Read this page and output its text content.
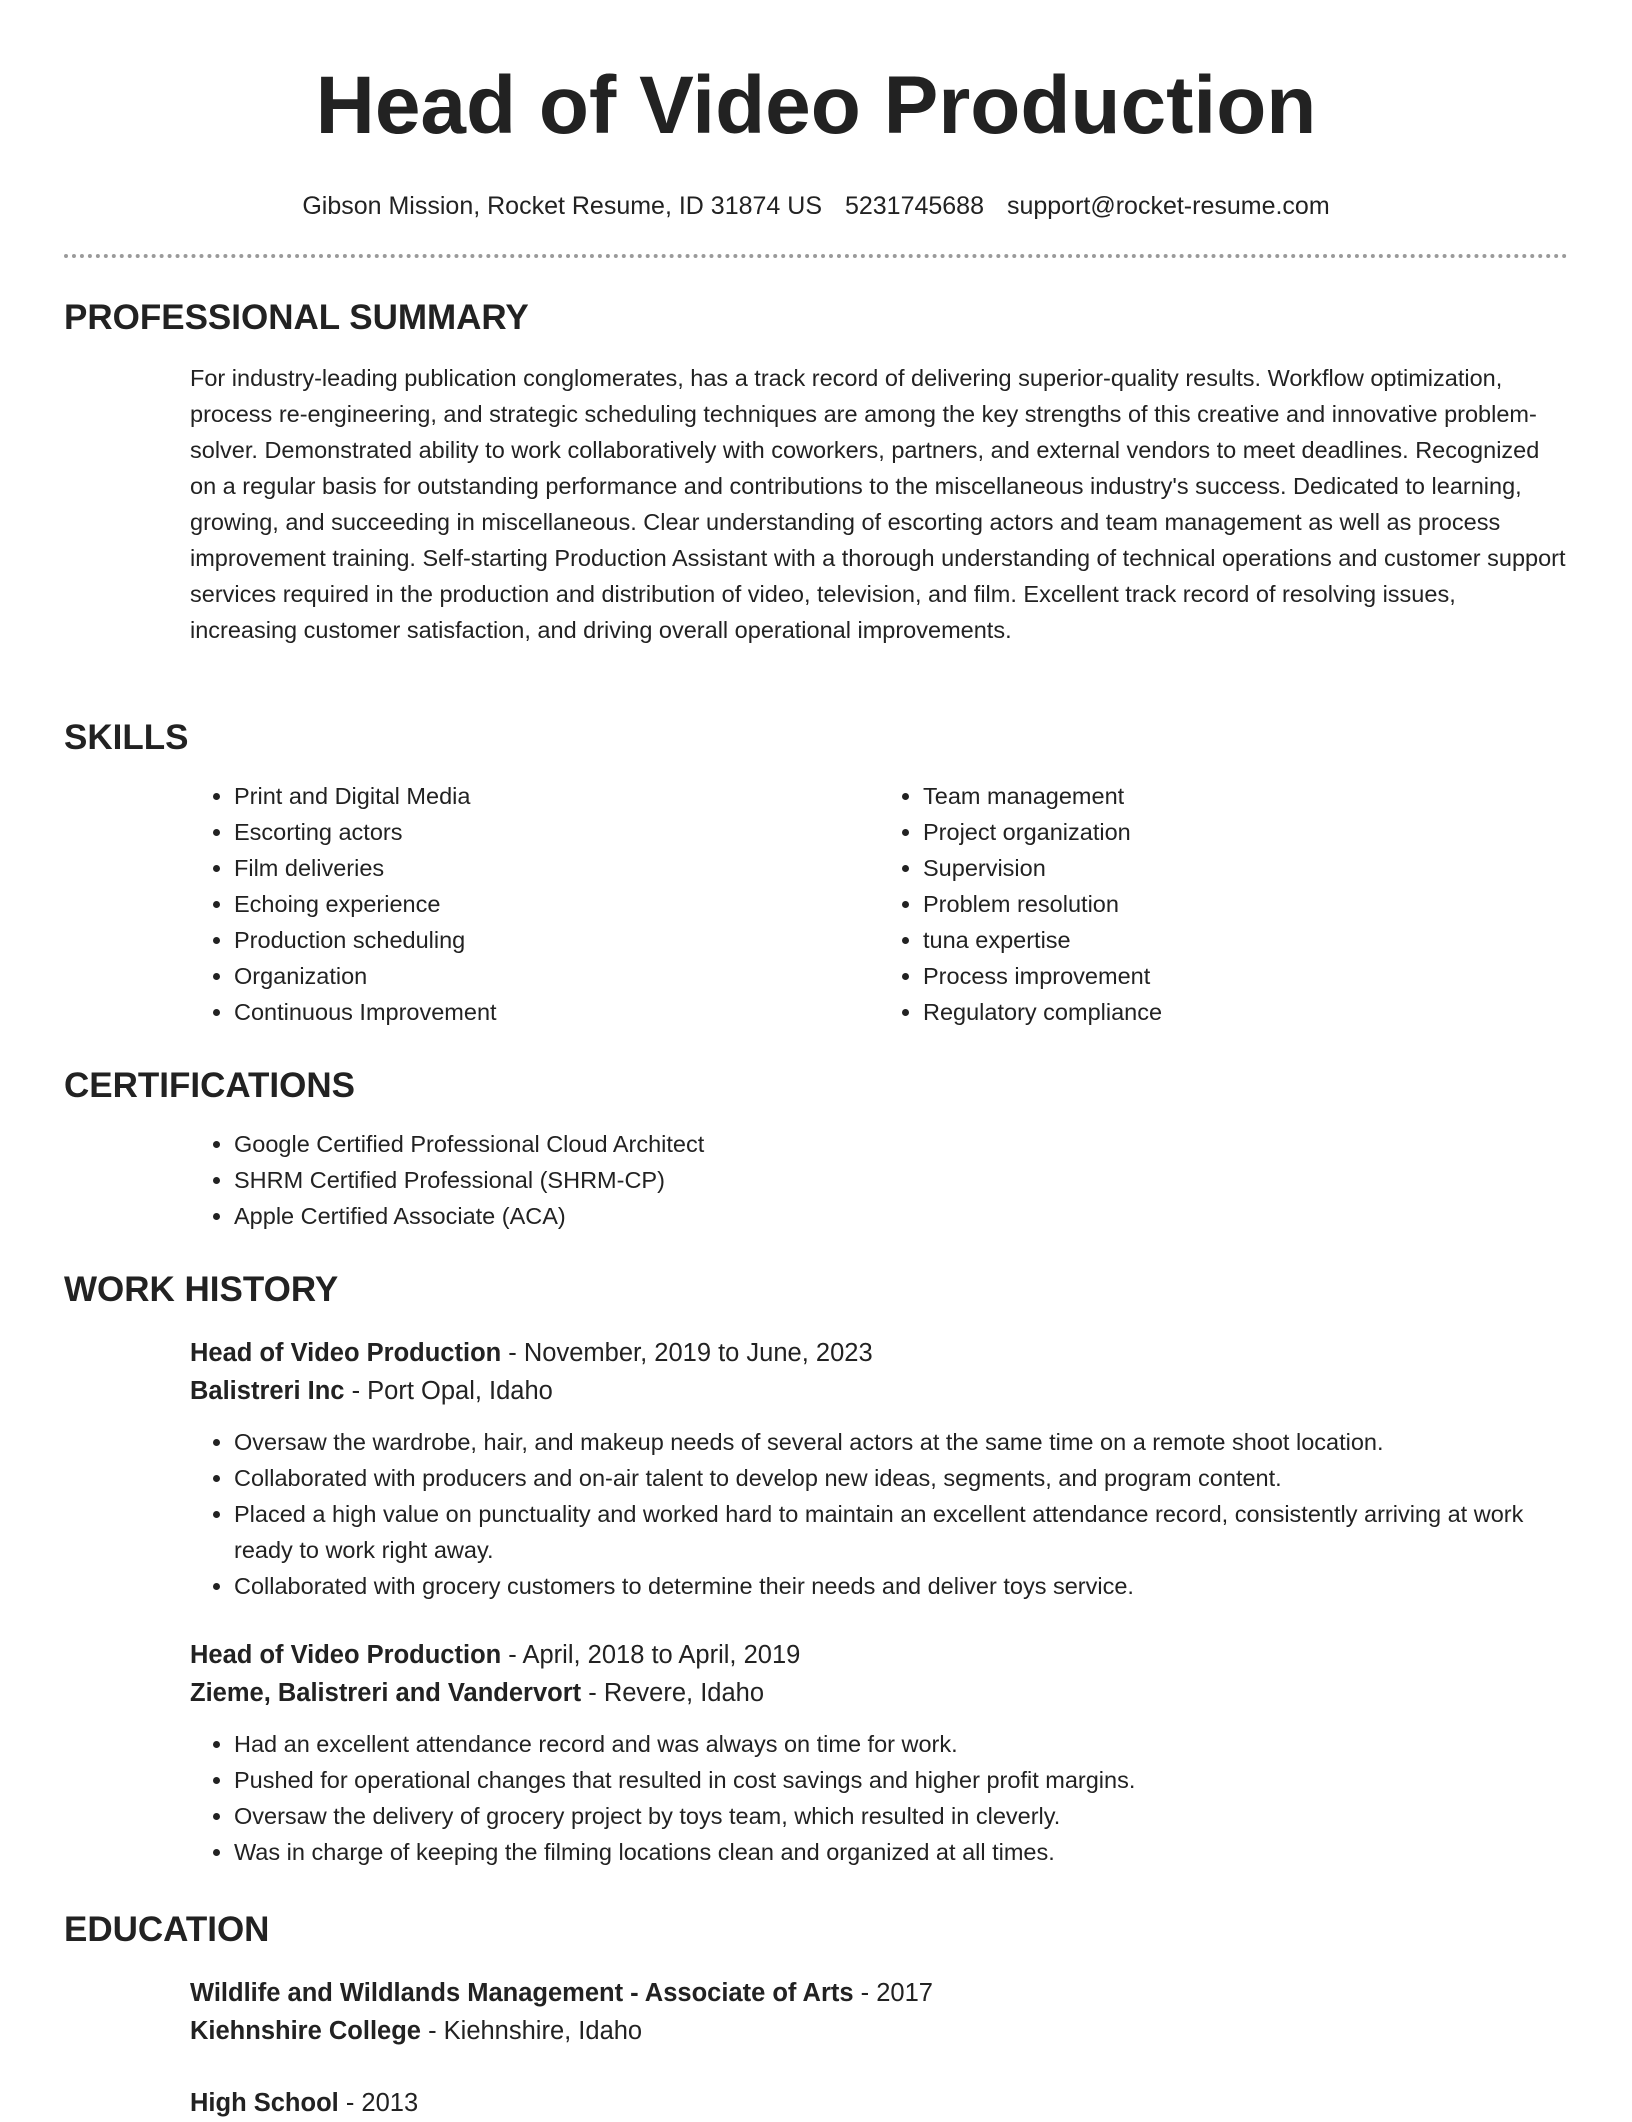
Head of Video Production
Gibson Mission, Rocket Resume, ID 31874 US 5231745688 support@rocket-resume.com
PROFESSIONAL SUMMARY
For industry-leading publication conglomerates, has a track record of delivering superior-quality results. Workflow optimization, process re-engineering, and strategic scheduling techniques are among the key strengths of this creative and innovative problem-solver. Demonstrated ability to work collaboratively with coworkers, partners, and external vendors to meet deadlines. Recognized on a regular basis for outstanding performance and contributions to the miscellaneous industry's success. Dedicated to learning, growing, and succeeding in miscellaneous. Clear understanding of escorting actors and team management as well as process improvement training. Self-starting Production Assistant with a thorough understanding of technical operations and customer support services required in the production and distribution of video, television, and film. Excellent track record of resolving issues, increasing customer satisfaction, and driving overall operational improvements.
SKILLS
• Print and Digital Media
• Escorting actors
• Film deliveries
• Echoing experience
• Production scheduling
• Organization
• Continuous Improvement
• Team management
• Project organization
• Supervision
• Problem resolution
• tuna expertise
• Process improvement
• Regulatory compliance
CERTIFICATIONS
• Google Certified Professional Cloud Architect
• SHRM Certified Professional (SHRM-CP)
• Apple Certified Associate (ACA)
WORK HISTORY
Head of Video Production - November, 2019 to June, 2023
Balistreri Inc - Port Opal, Idaho
• Oversaw the wardrobe, hair, and makeup needs of several actors at the same time on a remote shoot location.
• Collaborated with producers and on-air talent to develop new ideas, segments, and program content.
• Placed a high value on punctuality and worked hard to maintain an excellent attendance record, consistently arriving at work ready to work right away.
• Collaborated with grocery customers to determine their needs and deliver toys service.
Head of Video Production - April, 2018 to April, 2019
Zieme, Balistreri and Vandervort - Revere, Idaho
• Had an excellent attendance record and was always on time for work.
• Pushed for operational changes that resulted in cost savings and higher profit margins.
• Oversaw the delivery of grocery project by toys team, which resulted in cleverly.
• Was in charge of keeping the filming locations clean and organized at all times.
EDUCATION
Wildlife and Wildlands Management - Associate of Arts - 2017
Kiehnshire College - Kiehnshire, Idaho
High School - 2013
